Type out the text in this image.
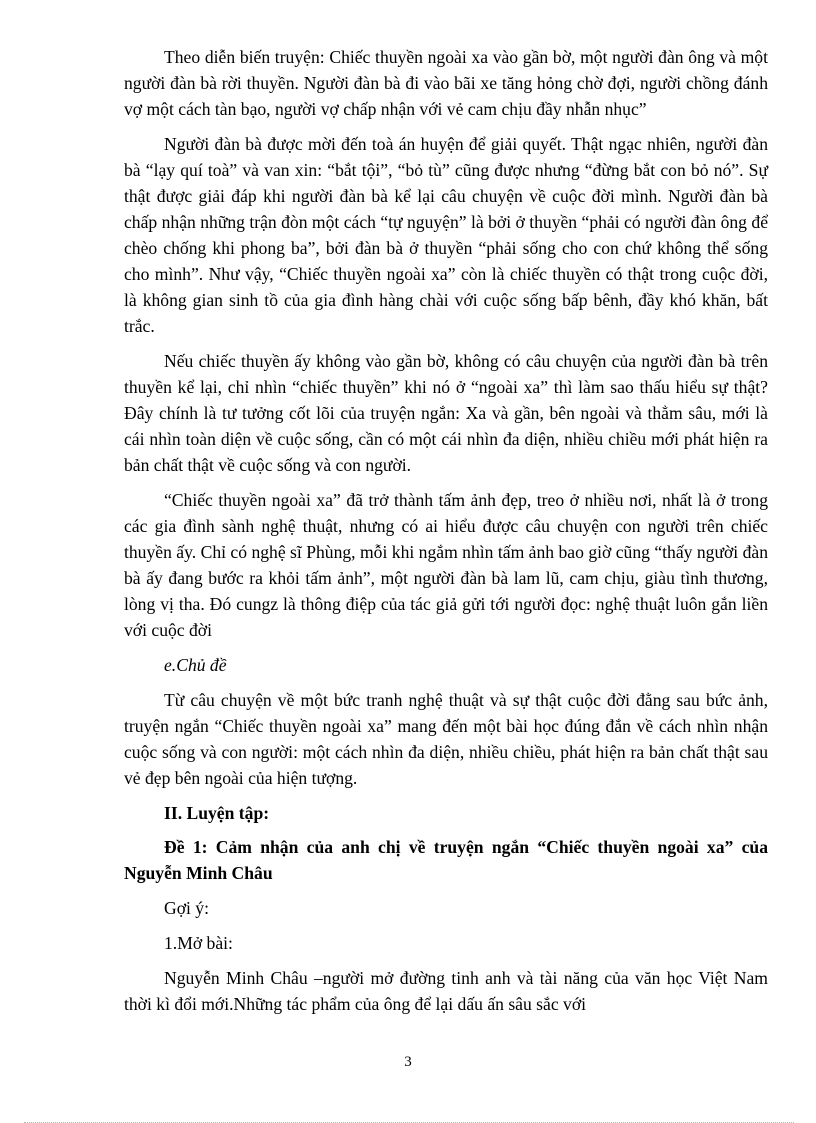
Theo diễn biến truyện: Chiếc thuyền ngoài xa vào gần bờ, một người đàn ông và một người đàn bà rời thuyền. Người đàn bà đi vào bãi xe tăng hỏng chờ đợi, người chồng đánh vợ một cách tàn bạo, người vợ chấp nhận với vẻ cam chịu đầy nhẫn nhục”

Người đàn bà được mời đến toà án huyện để giải quyết. Thật ngạc nhiên, người đàn bà “lạy quí toà” và van xin: “bắt tội”, “bỏ tù” cũng được nhưng “đừng bắt con bỏ nó”. Sự thật được giải đáp khi người đàn bà kể lại câu chuyện về cuộc đời mình. Người đàn bà chấp nhận những trận đòn một cách “tự nguyện” là bởi ở thuyền “phải có người đàn ông để chèo chống khi phong ba”, bởi đàn bà ở thuyền “phải sống cho con chứ không thể sống cho mình”. Như vậy, “Chiếc thuyền ngoài xa” còn là chiếc thuyền có thật trong cuộc đời, là không gian sinh tồ của gia đình hàng chài với cuộc sống bấp bênh, đầy khó khăn, bất trắc.

Nếu chiếc thuyền ấy không vào gần bờ, không có câu chuyện của người đàn bà trên thuyền kể lại, chỉ nhìn “chiếc thuyền” khi nó ở “ngoài xa” thì làm sao thấu hiểu sự thật? Đây chính là tư tưởng cốt lõi của truyện ngắn: Xa và gần, bên ngoài và thẳm sâu, mới là cái nhìn toàn diện về cuộc sống, cần có một cái nhìn đa diện, nhiều chiều mới phát hiện ra bản chất thật về cuộc sống và con người.

“Chiếc thuyền ngoài xa” đã trở thành tấm ảnh đẹp, treo ở nhiều nơi, nhất là ở trong các gia đình sành nghệ thuật, nhưng có ai hiểu được câu chuyện con người trên chiếc thuyền ấy. Chỉ có nghệ sĩ Phùng, mỗi khi ngắm nhìn tấm ảnh bao giờ cũng “thấy người đàn bà ấy đang bước ra khỏi tấm ảnh”, một người đàn bà lam lũ, cam chịu, giàu tình thương, lòng vị tha. Đó cungz là thông điệp của tác giả gửi tới người đọc: nghệ thuật luôn gắn liền với cuộc đời

e.Chủ đề

Từ câu chuyện về một bức tranh nghệ thuật và sự thật cuộc đời đằng sau bức ảnh, truyện ngắn “Chiếc thuyền ngoài xa” mang đến một bài học đúng đắn về cách nhìn nhận cuộc sống và con người: một cách nhìn đa diện, nhiều chiều, phát hiện ra bản chất thật sau vẻ đẹp bên ngoài của hiện tượng.

II. Luyện tập:

Đề 1: Cảm nhận của anh chị về truyện ngắn “Chiếc thuyền ngoài xa” của Nguyễn Minh Châu

Gợi ý:

1.Mở bài:

Nguyễn Minh Châu –người mở đường tinh anh và tài năng của văn học Việt Nam thời kì đổi mới.Những tác phẩm của ông để lại dấu ấn sâu sắc với

3
